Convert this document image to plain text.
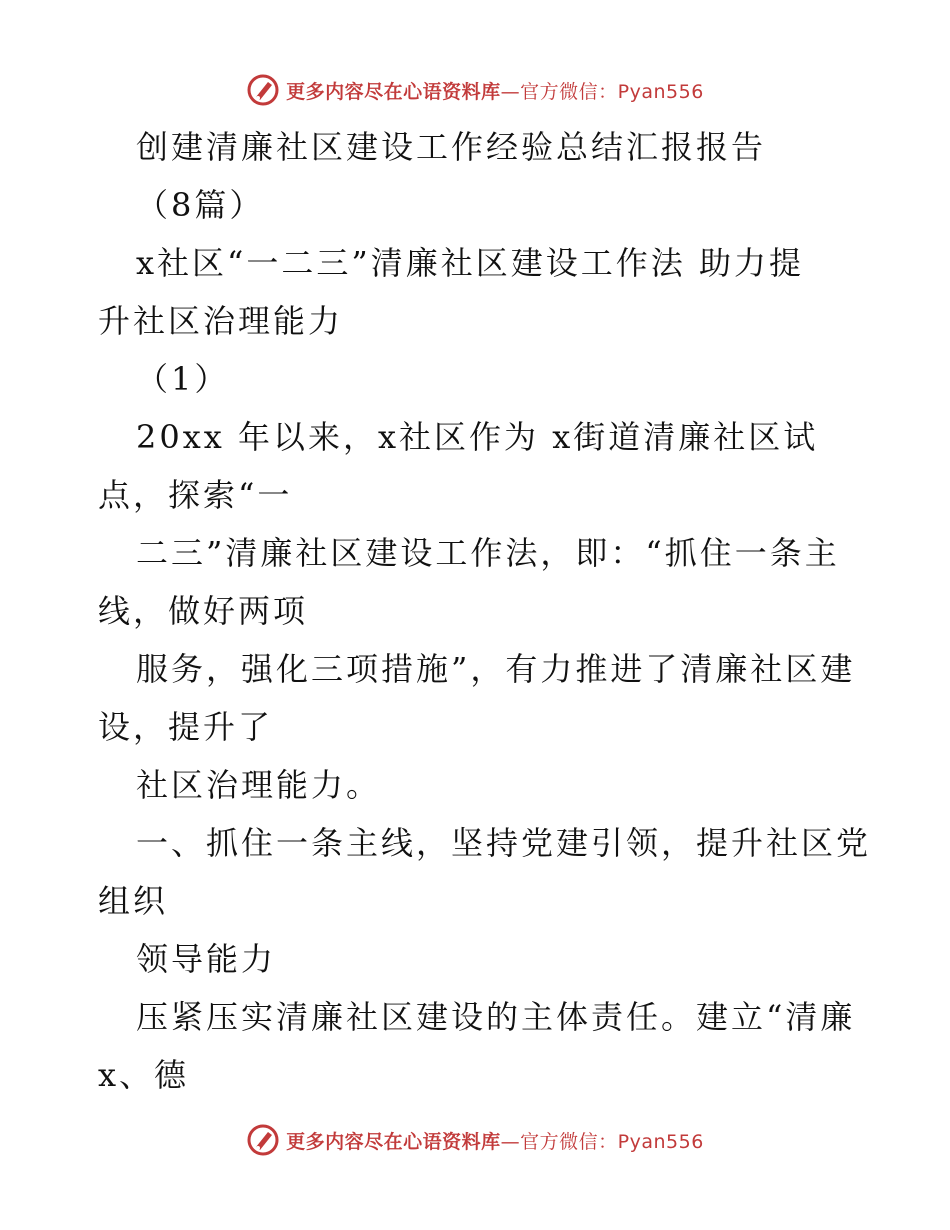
更多内容尽在心语资料库—官方微信：Pyan556
创建清廉社区建设工作经验总结汇报报告
（8篇）
x社区“一二三”清廉社区建设工作法 助力提
升社区治理能力
（1）
20xx 年以来，x社区作为 x街道清廉社区试
点，探索“一
二三”清廉社区建设工作法，即：“抓住一条主
线，做好两项
服务，强化三项措施”，有力推进了清廉社区建
设，提升了
社区治理能力。
一、抓住一条主线，坚持党建引领，提升社区党
组织
领导能力
压紧压实清廉社区建设的主体责任。建立“清廉
x、德
更多内容尽在心语资料库—官方微信：Pyan556
